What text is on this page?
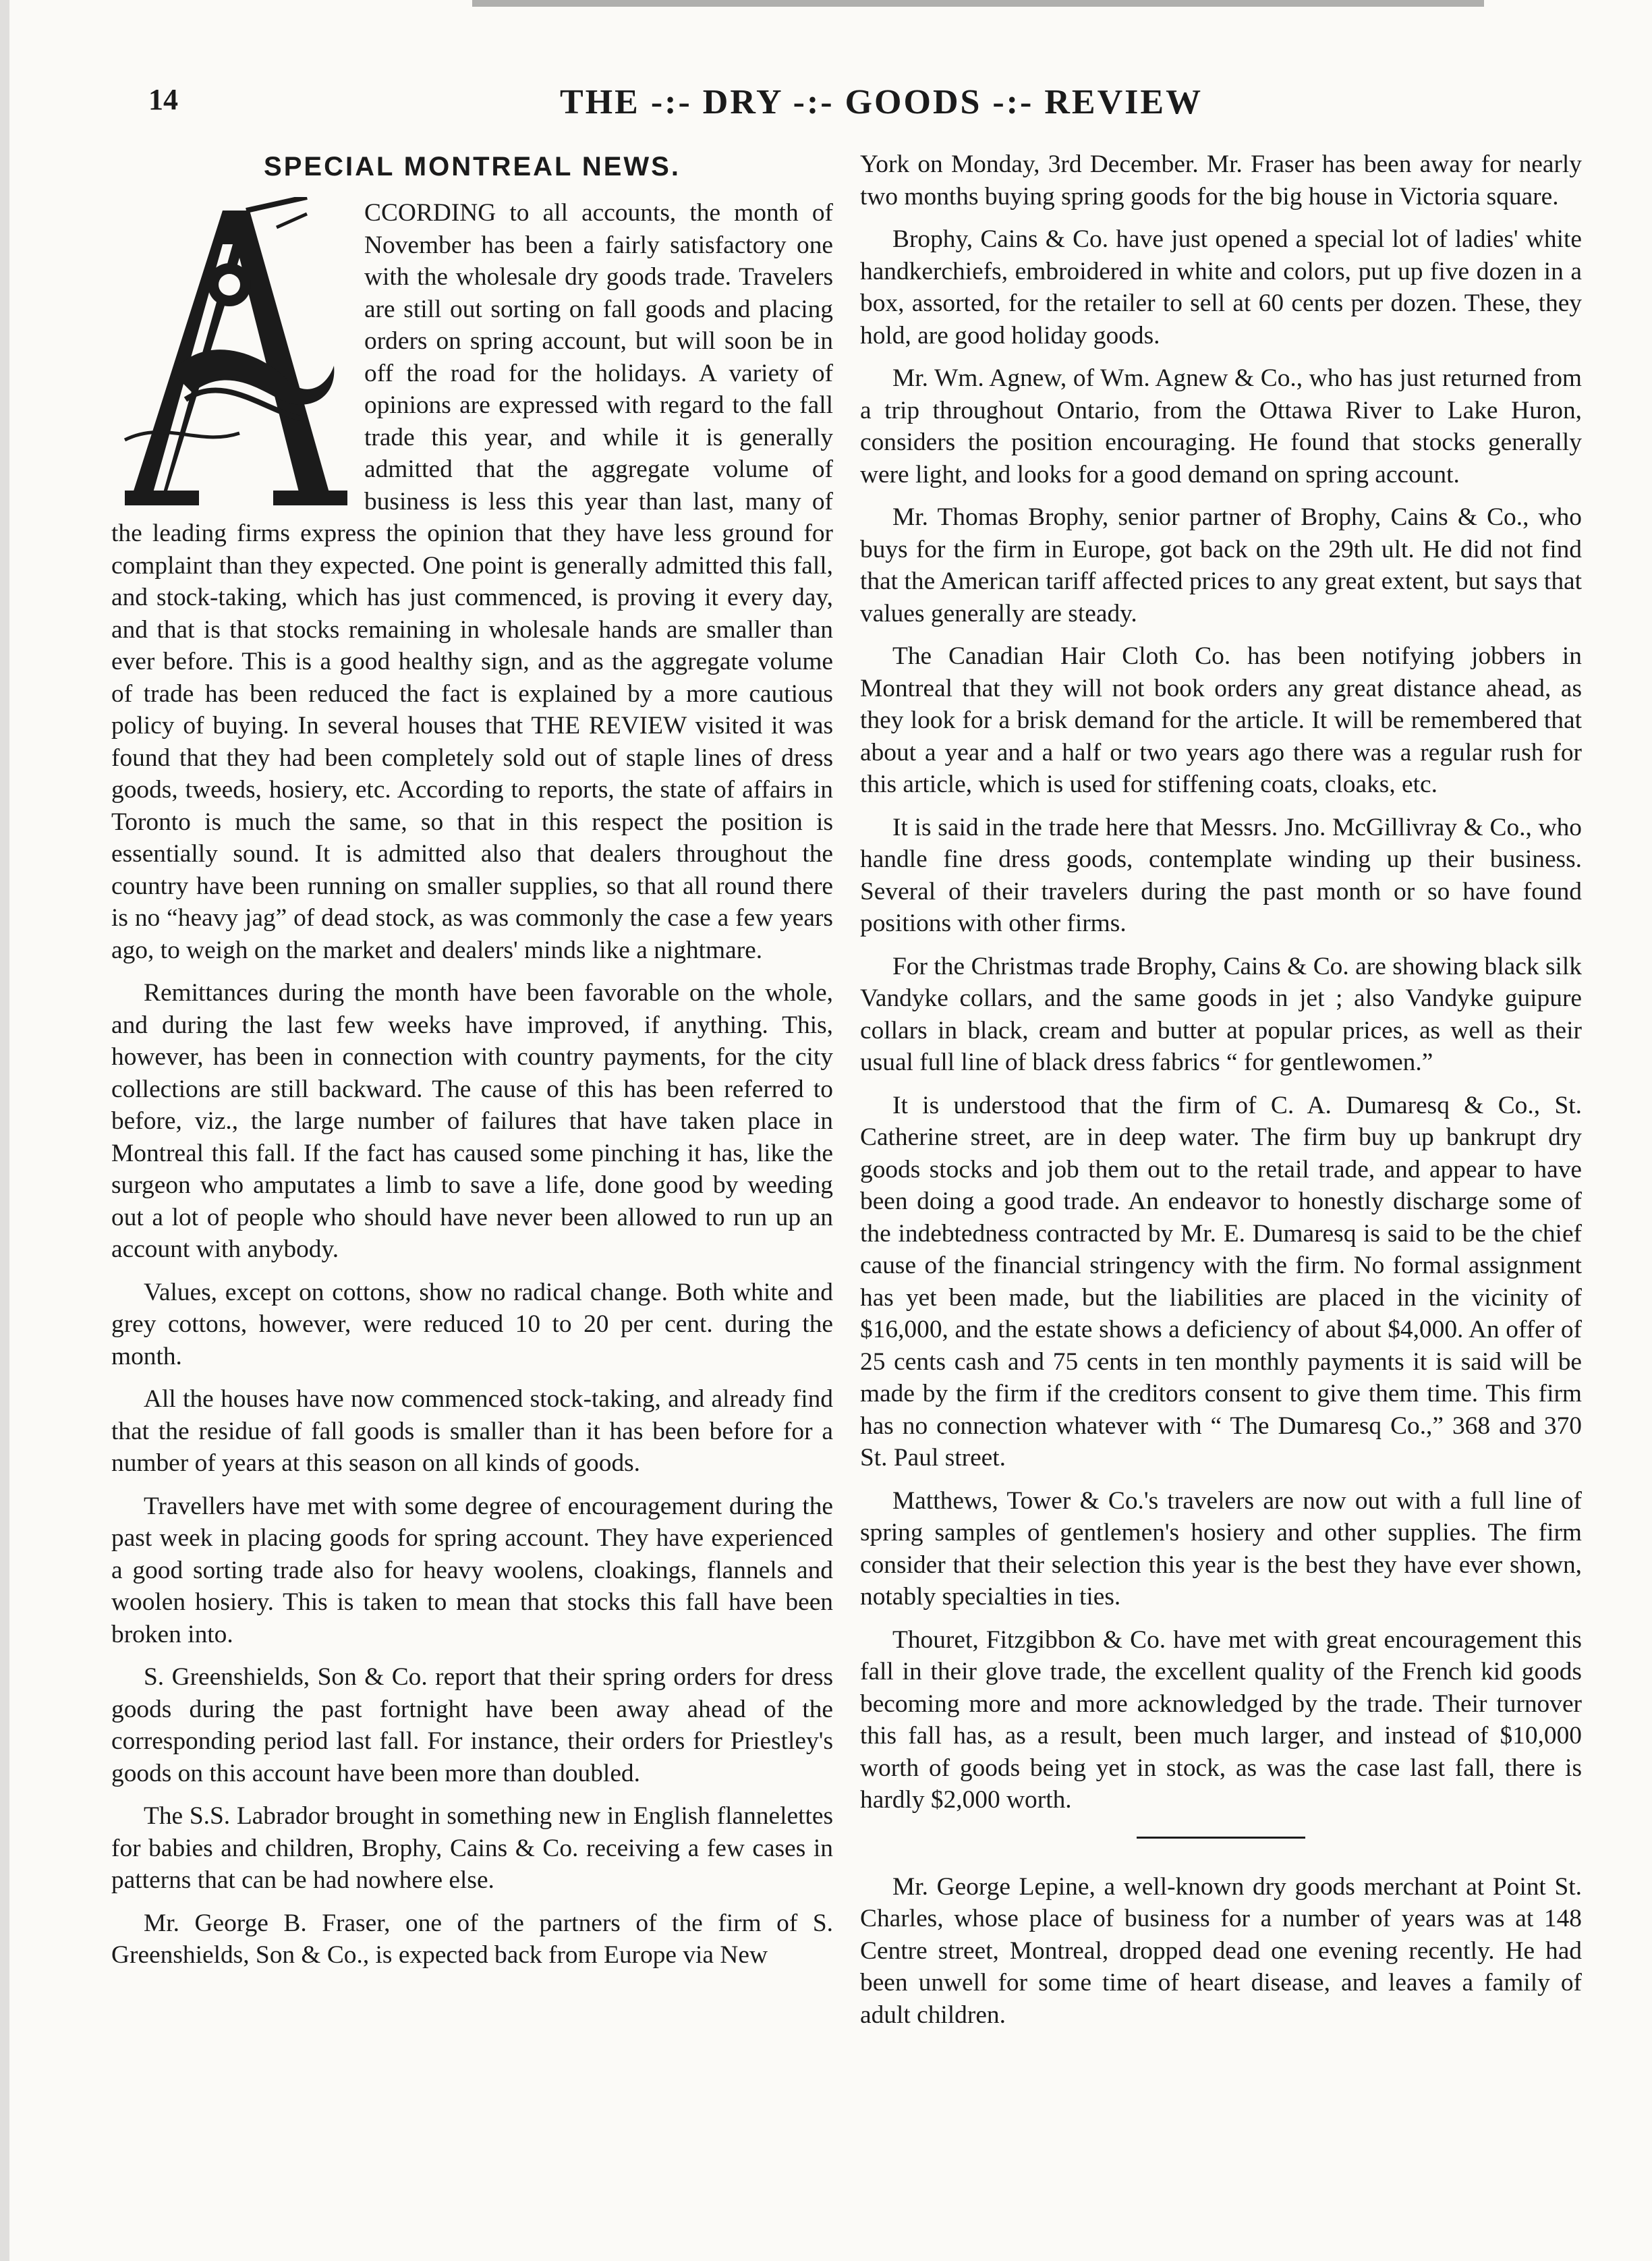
14	THE -:- DRY -:- GOODS -:- REVIEW
SPECIAL MONTREAL NEWS.

CCORDING to all accounts, the month of November has been a fairly satisfactory one with the wholesale dry goods trade. Travelers are still out sorting on fall goods and placing orders on spring account, but will soon be in off the road for the holidays. A variety of opinions are expressed with regard to the fall trade this year, and while it is generally admitted that the aggregate volume of business is less this year than last, many of the leading firms express the opinion that they have less ground for complaint than they expected. One point is generally admitted this fall, and stock-taking, which has just commenced, is proving it every day, and that is that stocks remaining in wholesale hands are smaller than ever before. This is a good healthy sign, and as the aggregate volume of trade has been reduced the fact is explained by a more cautious policy of buying. In several houses that THE REVIEW visited it was found that they had been completely sold out of staple lines of dress goods, tweeds, hosiery, etc. According to reports, the state of affairs in Toronto is much the same, so that in this respect the position is essentially sound. It is admitted also that dealers throughout the country have been running on smaller supplies, so that all round there is no “heavy jag” of dead stock, as was commonly the case a few years ago, to weigh on the market and dealers' minds like a nightmare.

Remittances during the month have been favorable on the whole, and during the last few weeks have improved, if anything. This, however, has been in connection with country payments, for the city collections are still backward. The cause of this has been referred to before, viz., the large number of failures that have taken place in Montreal this fall. If the fact has caused some pinching it has, like the surgeon who amputates a limb to save a life, done good by weeding out a lot of people who should have never been allowed to run up an account with anybody.

Values, except on cottons, show no radical change. Both white and grey cottons, however, were reduced 10 to 20 per cent. during the month.

All the houses have now commenced stock-taking, and already find that the residue of fall goods is smaller than it has been before for a number of years at this season on all kinds of goods.

Travellers have met with some degree of encouragement during the past week in placing goods for spring account. They have experienced a good sorting trade also for heavy woolens, cloakings, flannels and woolen hosiery. This is taken to mean that stocks this fall have been broken into.

S. Greenshields, Son & Co. report that their spring orders for dress goods during the past fortnight have been away ahead of the corresponding period last fall. For instance, their orders for Priestley's goods on this account have been more than doubled.

The S.S. Labrador brought in something new in English flannelettes for babies and children, Brophy, Cains & Co. receiving a few cases in patterns that can be had nowhere else.

Mr. George B. Fraser, one of the partners of the firm of S. Greenshields, Son & Co., is expected back from Europe via New

York on Monday, 3rd December. Mr. Fraser has been away for nearly two months buying spring goods for the big house in Victoria square.

Brophy, Cains & Co. have just opened a special lot of ladies' white handkerchiefs, embroidered in white and colors, put up five dozen in a box, assorted, for the retailer to sell at 60 cents per dozen. These, they hold, are good holiday goods.

Mr. Wm. Agnew, of Wm. Agnew & Co., who has just returned from a trip throughout Ontario, from the Ottawa River to Lake Huron, considers the position encouraging. He found that stocks generally were light, and looks for a good demand on spring account.

Mr. Thomas Brophy, senior partner of Brophy, Cains & Co., who buys for the firm in Europe, got back on the 29th ult. He did not find that the American tariff affected prices to any great extent, but says that values generally are steady.

The Canadian Hair Cloth Co. has been notifying jobbers in Montreal that they will not book orders any great distance ahead, as they look for a brisk demand for the article. It will be remembered that about a year and a half or two years ago there was a regular rush for this article, which is used for stiffening coats, cloaks, etc.

It is said in the trade here that Messrs. Jno. McGillivray & Co., who handle fine dress goods, contemplate winding up their business. Several of their travelers during the past month or so have found positions with other firms.

For the Christmas trade Brophy, Cains & Co. are showing black silk Vandyke collars, and the same goods in jet ; also Vandyke guipure collars in black, cream and butter at popular prices, as well as their usual full line of black dress fabrics “ for gentlewomen.”

It is understood that the firm of C. A. Dumaresq & Co., St. Catherine street, are in deep water. The firm buy up bankrupt dry goods stocks and job them out to the retail trade, and appear to have been doing a good trade. An endeavor to honestly discharge some of the indebtedness contracted by Mr. E. Dumaresq is said to be the chief cause of the financial stringency with the firm. No formal assignment has yet been made, but the liabilities are placed in the vicinity of $16,000, and the estate shows a deficiency of about $4,000. An offer of 25 cents cash and 75 cents in ten monthly payments it is said will be made by the firm if the creditors consent to give them time. This firm has no connection whatever with “ The Dumaresq Co.,” 368 and 370 St. Paul street.

Matthews, Tower & Co.'s travelers are now out with a full line of spring samples of gentlemen's hosiery and other supplies. The firm consider that their selection this year is the best they have ever shown, notably specialties in ties.

Thouret, Fitzgibbon & Co. have met with great encouragement this fall in their glove trade, the excellent quality of the French kid goods becoming more and more acknowledged by the trade. Their turnover this fall has, as a result, been much larger, and instead of $10,000 worth of goods being yet in stock, as was the case last fall, there is hardly $2,000 worth.

Mr. George Lepine, a well-known dry goods merchant at Point St. Charles, whose place of business for a number of years was at 148 Centre street, Montreal, dropped dead one evening recently. He had been unwell for some time of heart disease, and leaves a family of adult children.
